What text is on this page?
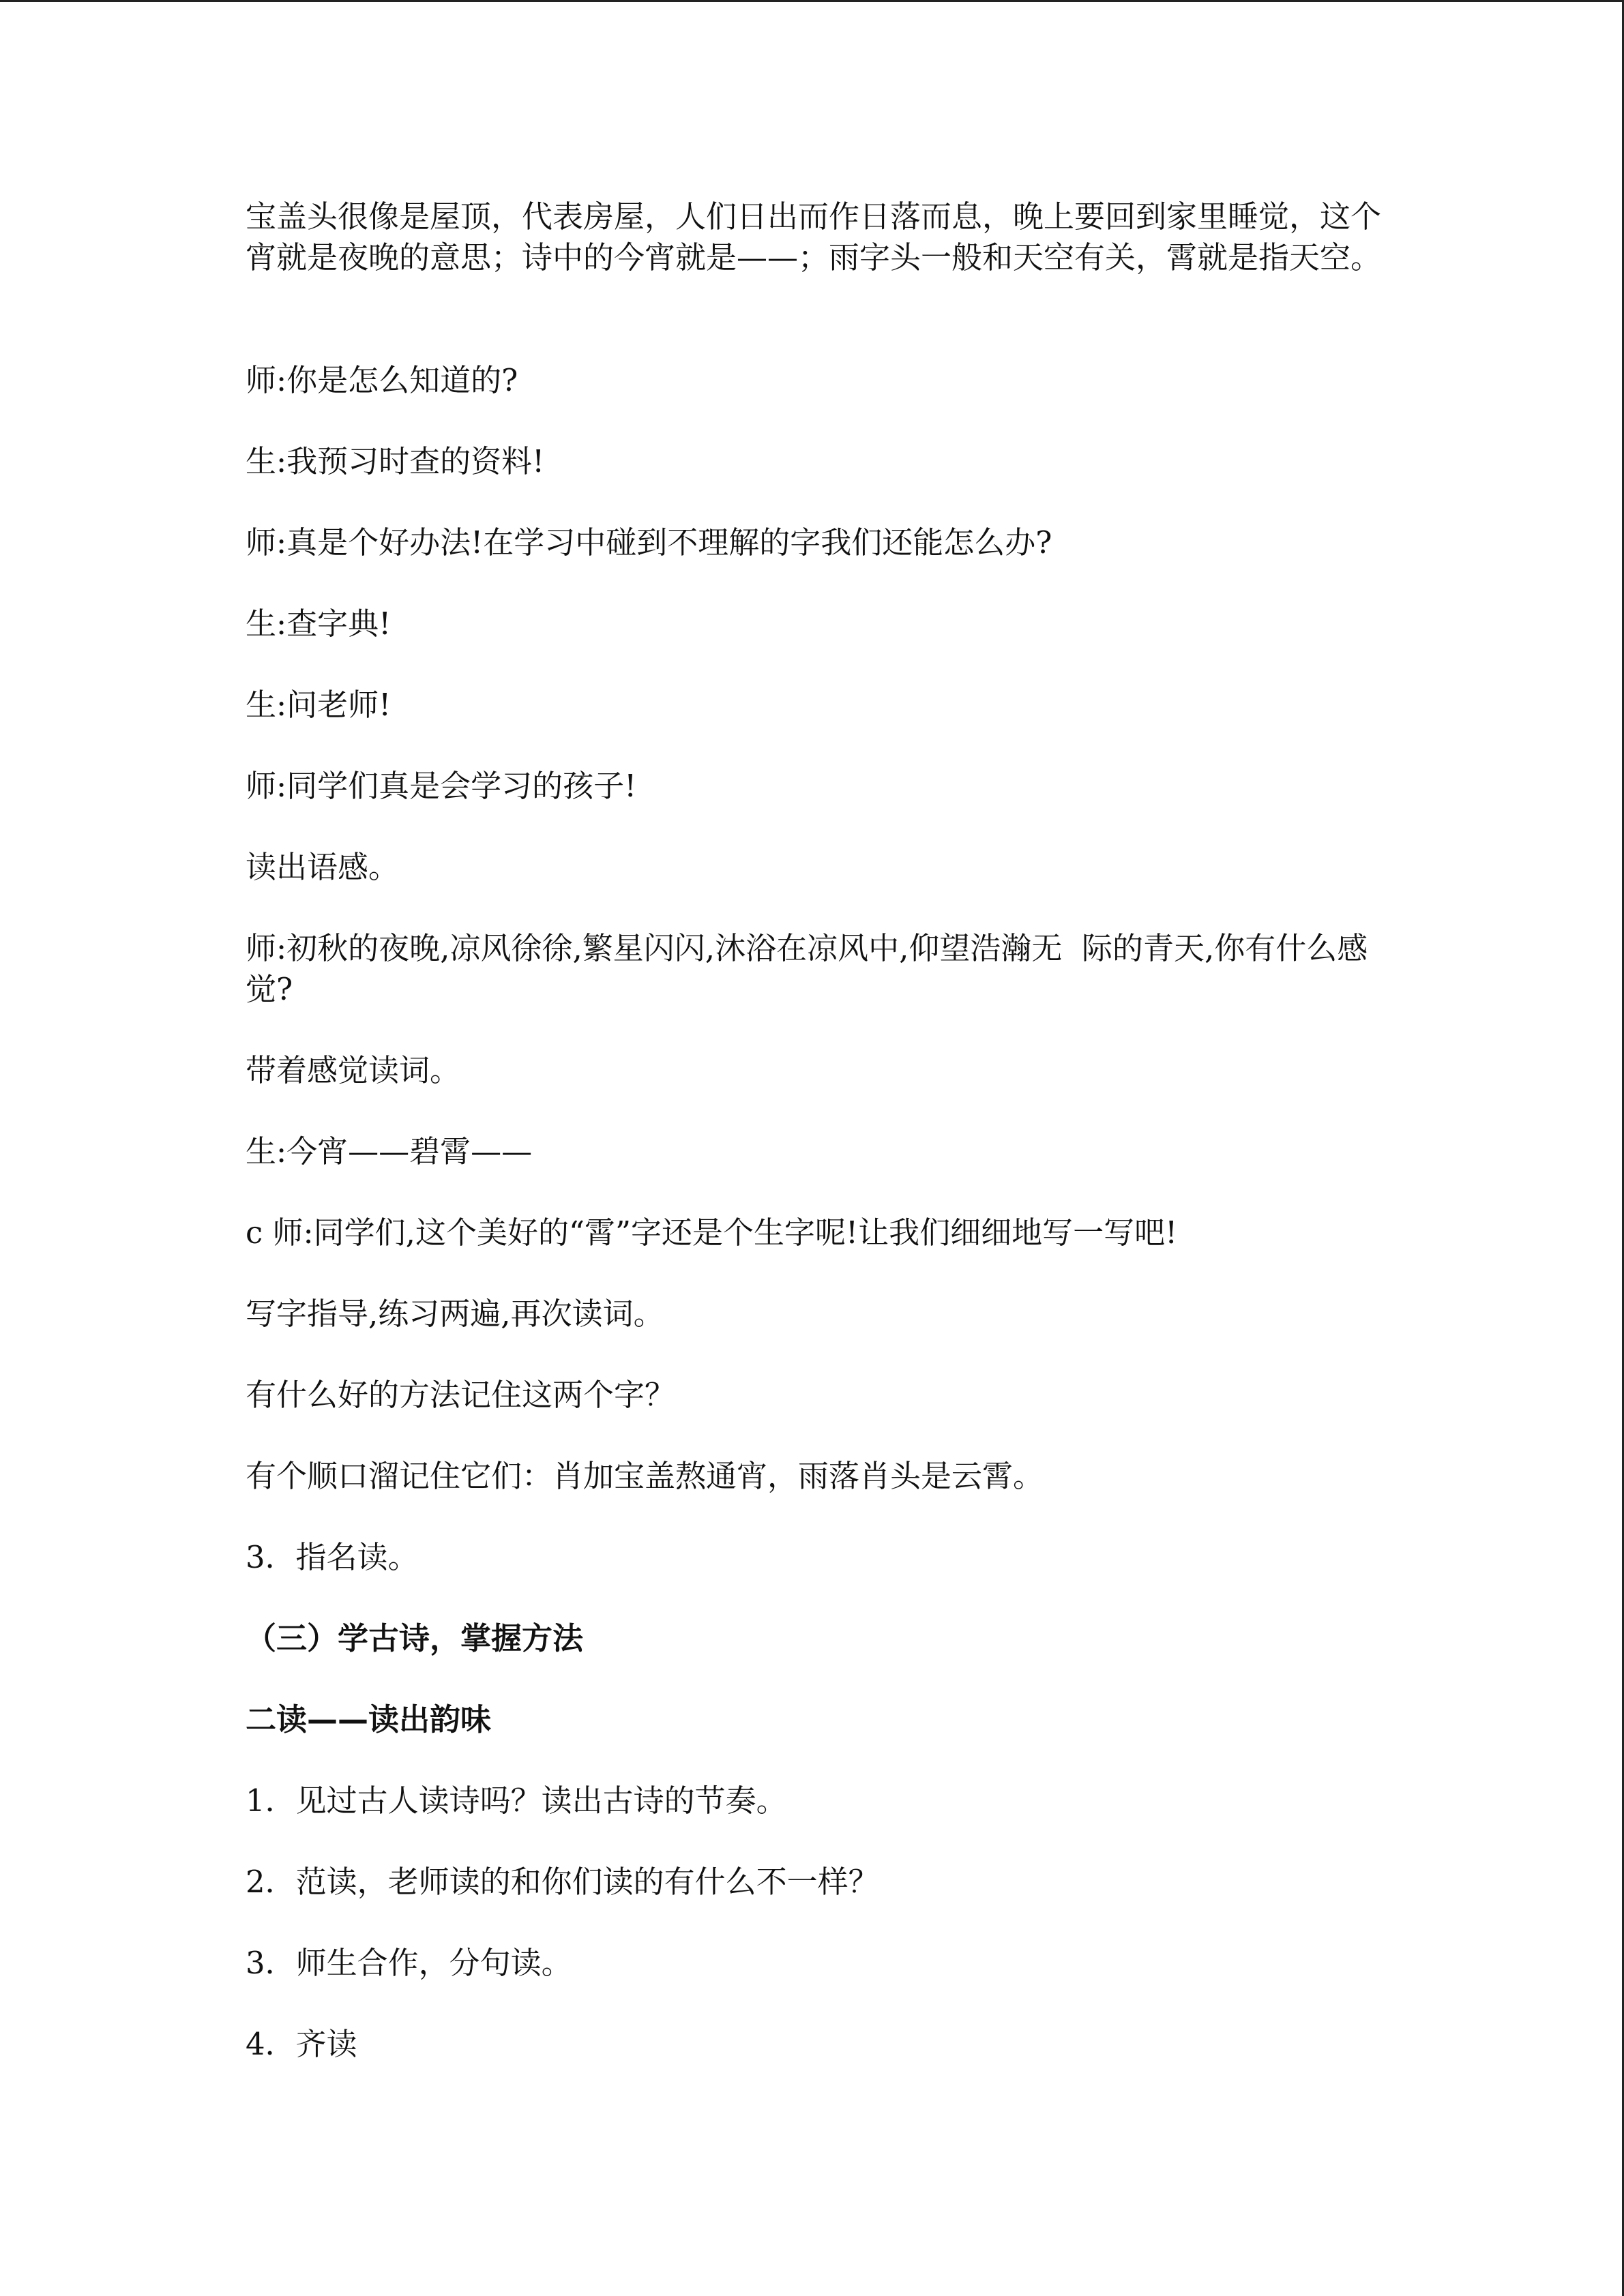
宝盖头很像是屋顶，代表房屋，人们日出而作日落而息，晚上要回到家里睡觉，这个宵就是夜晚的意思；诗中的今宵就是——；雨字头一般和天空有关，霄就是指天空。

师:你是怎么知道的?

生:我预习时查的资料!

师:真是个好办法!在学习中碰到不理解的字我们还能怎么办?

生:查字典!

生:问老师!

师:同学们真是会学习的孩子!

读出语感。

师:初秋的夜晚,凉风徐徐,繁星闪闪,沐浴在凉风中,仰望浩瀚无  际的青天,你有什么感觉?

带着感觉读词。

生:今宵——碧霄——

c 师:同学们,这个美好的“霄”字还是个生字呢!让我们细细地写一写吧!

写字指导,练习两遍,再次读词。

有什么好的方法记住这两个字？

有个顺口溜记住它们：肖加宝盖熬通宵，雨落肖头是云霄。

3．指名读。

（三）学古诗，掌握方法

二读——读出韵味

1．见过古人读诗吗？读出古诗的节奏。

2．范读，老师读的和你们读的有什么不一样？

3．师生合作，分句读。

4．齐读
